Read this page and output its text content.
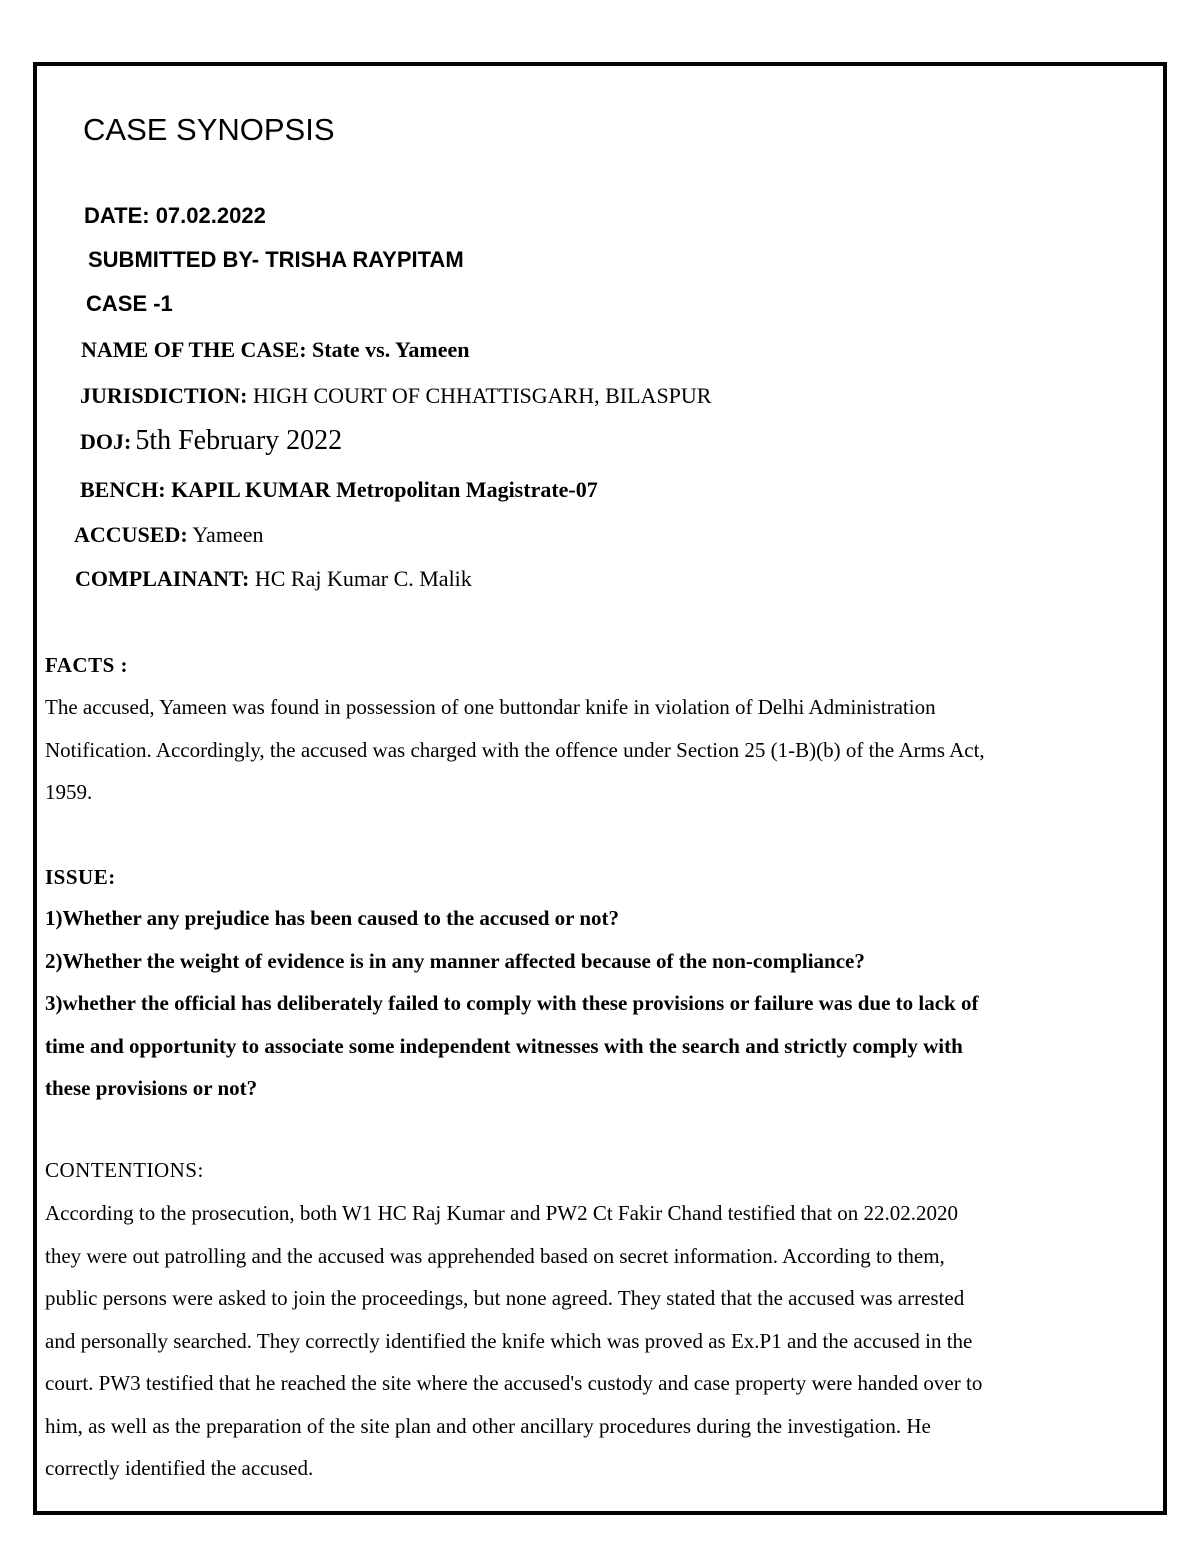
CASE SYNOPSIS
DATE: 07.02.2022
SUBMITTED BY- TRISHA RAYPITAM
CASE -1
NAME OF THE CASE: State vs. Yameen
JURISDICTION: HIGH COURT OF CHHATTISGARH, BILASPUR
DOJ: 5th February 2022
BENCH: KAPIL KUMAR Metropolitan Magistrate-07
ACCUSED: Yameen
COMPLAINANT: HC Raj Kumar C. Malik
FACTS :
The accused, Yameen was found in possession of one buttondar knife in violation of Delhi Administration
Notification. Accordingly, the accused was charged with the offence under Section 25 (1-B)(b) of the Arms Act,
1959.
ISSUE:
1)Whether any prejudice has been caused to the accused or not?
2)Whether the weight of evidence is in any manner affected because of the non-compliance?
3)whether the official has deliberately failed to comply with these provisions or failure was due to lack of
time and opportunity to associate some independent witnesses with the search and strictly comply with
these provisions or not?
CONTENTIONS:
According to the prosecution, both W1 HC Raj Kumar and PW2 Ct Fakir Chand testified that on 22.02.2020
they were out patrolling and the accused was apprehended based on secret information. According to them,
public persons were asked to join the proceedings, but none agreed. They stated that the accused was arrested
and personally searched. They correctly identified the knife which was proved as Ex.P1 and the accused in the
court. PW3 testified that he reached the site where the accused's custody and case property were handed over to
him, as well as the preparation of the site plan and other ancillary procedures during the investigation. He
correctly identified the accused.
